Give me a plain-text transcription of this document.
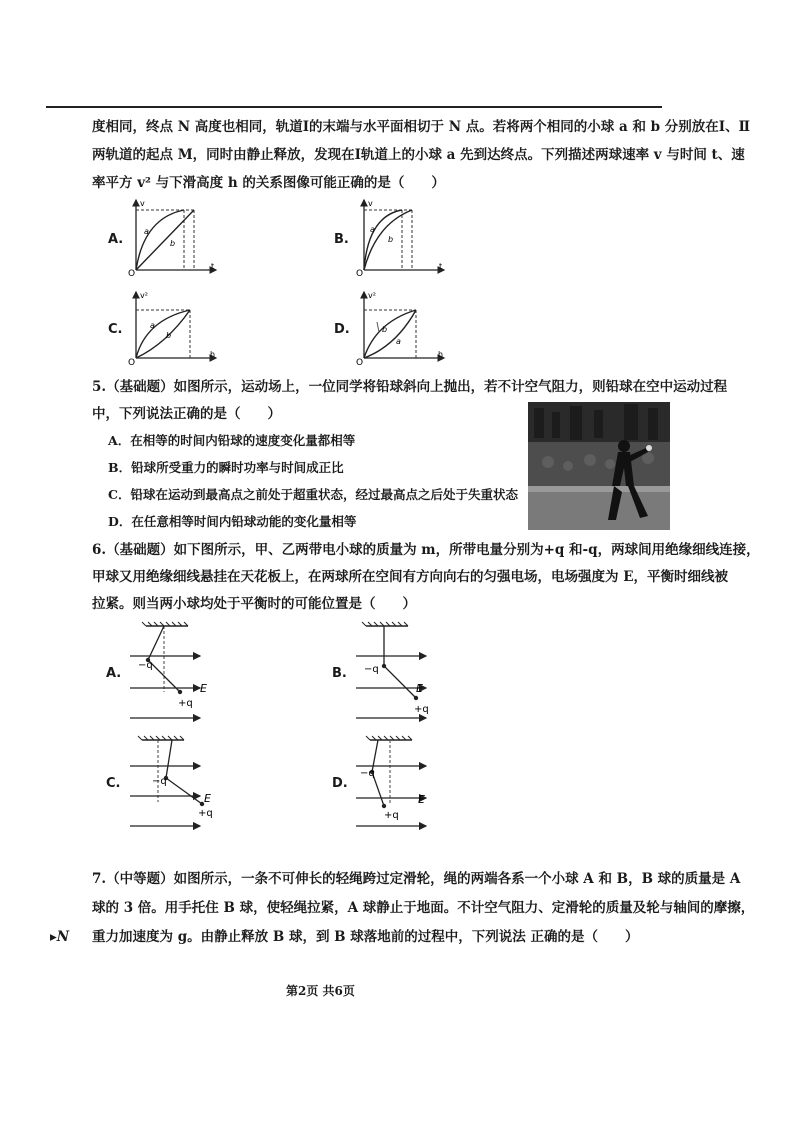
度相同，终点 N 高度也相同，轨道Ⅰ的末端与水平面相切于 N 点。若将两个相同的小球 a 和 b 分别放在Ⅰ、Ⅱ
两轨道的起点 M，同时由静止释放，发现在Ⅰ轨道上的小球 a 先到达终点。下列描述两球速率 v 与时间 t、速
率平方 v² 与下滑高度 h 的关系图像可能正确的是（　　）
A.	B.
C.	D.
v
t
O
a
b
v
t
O
a
b
v²
h
O
a
b
v²
h
O
b
a
5.（基础题）如图所示，运动场上，一位同学将铅球斜向上抛出，若不计空气阻力，则铅球在空中运动过程
中，下列说法正确的是（　　）
A．在相等的时间内铅球的速度变化量都相等
B．铅球所受重力的瞬时功率与时间成正比
C．铅球在运动到最高点之前处于超重状态，经过最高点之后处于失重状态
D．在任意相等时间内铅球动能的变化量相等
6.（基础题）如下图所示，甲、乙两带电小球的质量为 m，所带电量分别为+q 和-q，两球间用绝缘细线连接，
甲球又用绝缘细线悬挂在天花板上，在两球所在空间有方向向右的匀强电场，电场强度为 E，平衡时细线被
拉紧。则当两小球均处于平衡时的可能位置是（　　）
A.	B.
C.	D.
−q
+q
E
−q
+q
E
−q
+q
E
−q
+q
E
7.（中等题）如图所示，一条不可伸长的轻绳跨过定滑轮，绳的两端各系一个小球 A 和 B，B 球的质量是 A
球的 3 倍。用手托住 B 球，使轻绳拉紧，A 球静止于地面。不计空气阻力、定滑轮的质量及轮与轴间的摩擦，
重力加速度为 g。由静止释放 B 球，到 B 球落地前的过程中，下列说法 正确的是（　　）
▸N
第2页 共6页
